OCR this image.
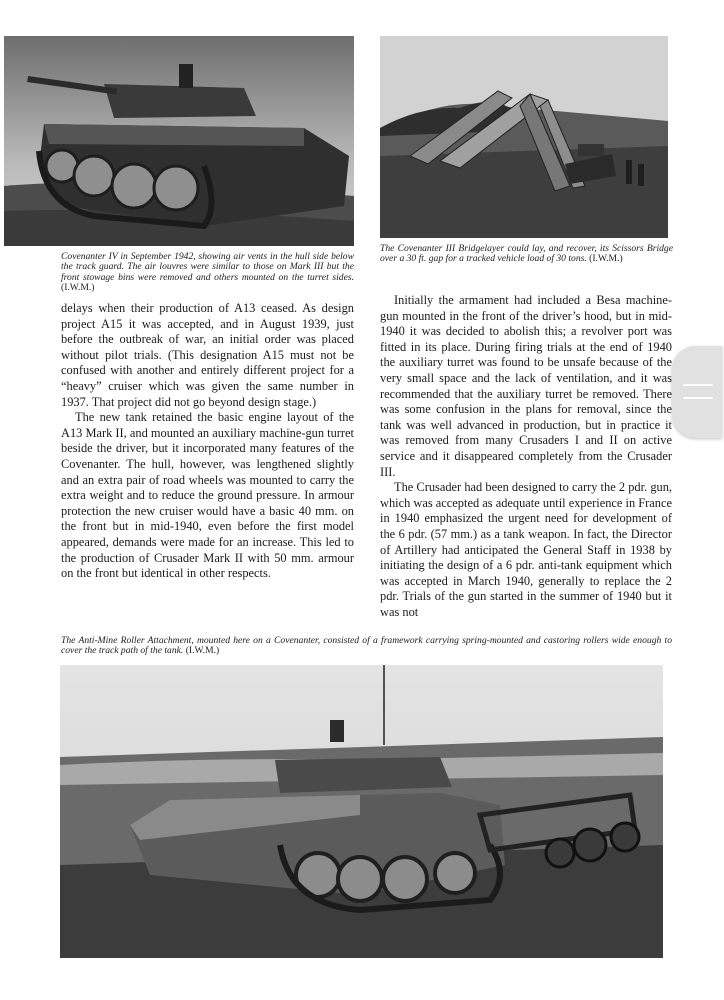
Covenanter IV in September 1942, showing air vents in the hull side below the track guard. The air louvres were similar to those on Mark III but the front stowage bins were removed and others mounted on the turret sides. (I.W.M.)
The Covenanter III Bridgelayer could lay, and recover, its Scissors Bridge over a 30 ft. gap for a tracked vehicle load of 30 tons. (I.W.M.)

delays when their production of A13 ceased. As design project A15 it was accepted, and in August 1939, just before the outbreak of war, an initial order was placed without pilot trials. (This designation A15 must not be confused with another and entirely different project for a “heavy” cruiser which was given the same number in 1937. That project did not go beyond design stage.)

The new tank retained the basic engine layout of the A13 Mark II, and mounted an auxiliary machine-gun turret beside the driver, but it incorporated many features of the Covenanter. The hull, however, was lengthened slightly and an extra pair of road wheels was mounted to carry the extra weight and to reduce the ground pressure. In armour protection the new cruiser would have a basic 40 mm. on the front but in mid-1940, even before the first model appeared, demands were made for an increase. This led to the production of Crusader Mark II with 50 mm. armour on the front but identical in other respects.

Initially the armament had included a Besa machine-gun mounted in the front of the driver’s hood, but in mid-1940 it was decided to abolish this; a revolver port was fitted in its place. During firing trials at the end of 1940 the auxiliary turret was found to be unsafe because of the very small space and the lack of ventilation, and it was recommended that the auxiliary turret be removed. There was some confusion in the plans for removal, since the tank was well advanced in production, but in practice it was removed from many Crusaders I and II on active service and it disappeared completely from the Crusader III.

The Crusader had been designed to carry the 2 pdr. gun, which was accepted as adequate until experience in France in 1940 emphasized the urgent need for development of the 6 pdr. (57 mm.) as a tank weapon. In fact, the Director of Artillery had anticipated the General Staff in 1938 by initiating the design of a 6 pdr. anti-tank equipment which was accepted in March 1940, generally to replace the 2 pdr. Trials of the gun started in the summer of 1940 but it was not

The Anti-Mine Roller Attachment, mounted here on a Covenanter, consisted of a framework carrying spring-mounted and castoring rollers wide enough to cover the track path of the tank. (I.W.M.)
